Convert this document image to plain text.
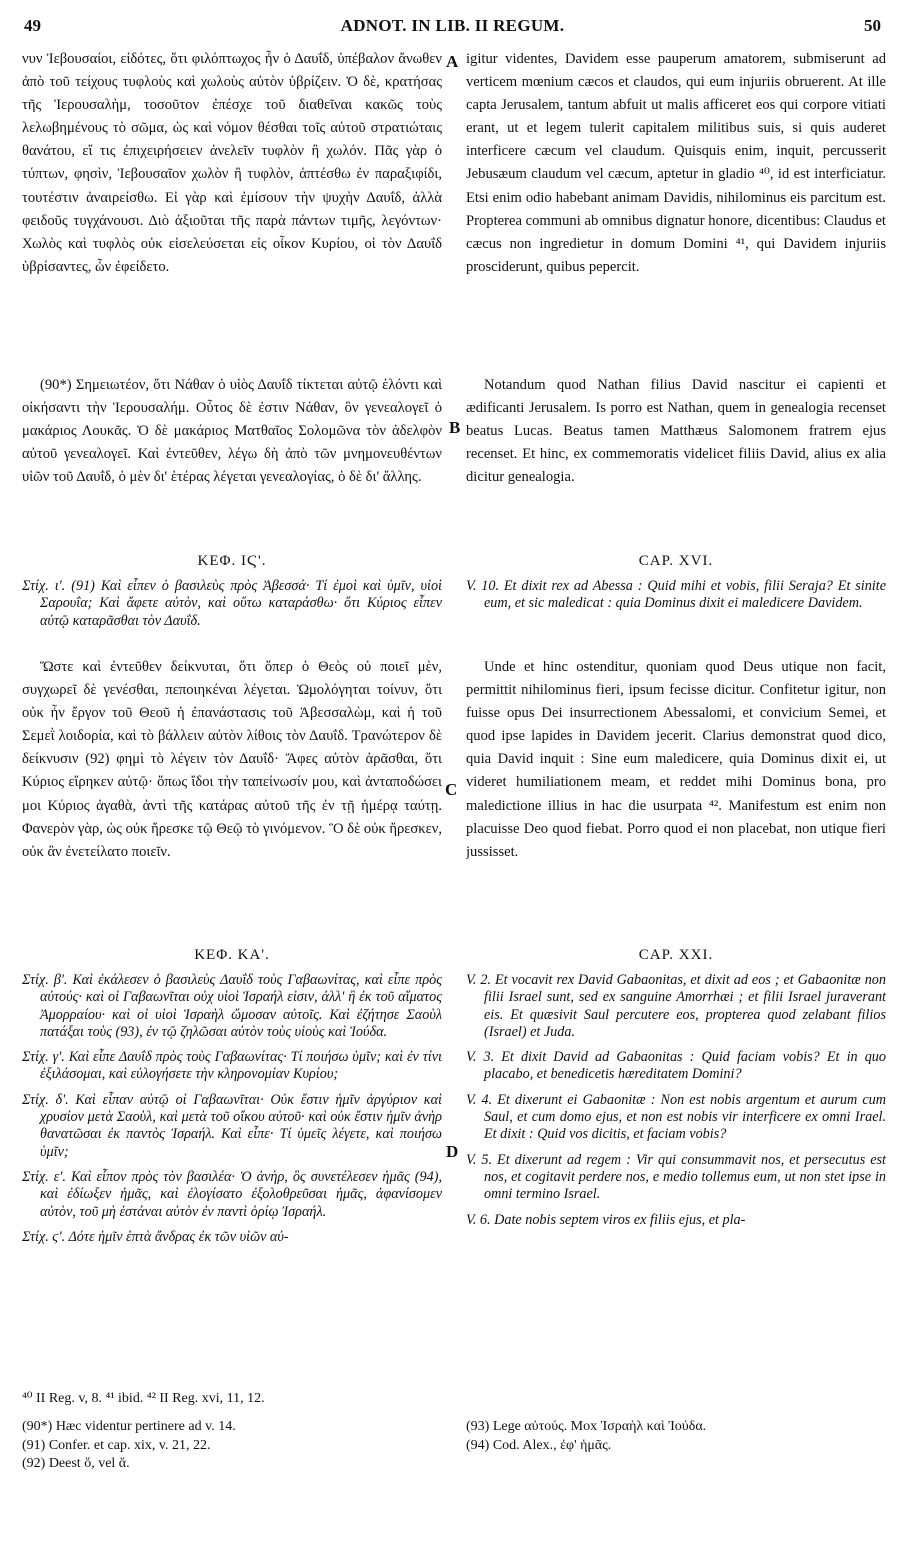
49	ADNOT. IN LIB. II REGUM.	50
A
B
C
D

νυν Ἰεβουσαίοι, εἰδότες, ὅτι φιλόπτωχος ἦν ὁ Δαυΐδ, ὑπέβαλον ἄνωθεν ἀπὸ τοῦ τείχους τυφλοὺς καὶ χωλοὺς αὐτὸν ὑβρίζειν. Ὁ δὲ, κρατήσας τῆς Ἱερουσαλὴμ, τοσοῦτον ἐπέσχε τοῦ διαθεῖναι κακῶς τοὺς λελωβημένους τὸ σῶμα, ὡς καὶ νόμον θέσθαι τοῖς αὐτοῦ στρατιώταις θανάτου, εἴ τις ἐπιχειρήσειεν ἀνελεῖν τυφλὸν ἢ χωλόν. Πᾶς γὰρ ὁ τύπτων, φησὶν, Ἰεβουσαῖον χωλὸν ἢ τυφλὸν, ἁπτέσθω ἐν παραξιφίδι, τουτέστιν ἀναιρείσθω. Εἰ γὰρ καὶ ἐμίσουν τὴν ψυχὴν Δαυΐδ, ἀλλὰ φειδοῦς τυγχάνουσι. Διὸ ἀξιοῦται τῆς παρὰ πάντων τιμῆς, λεγόντων· Χωλὸς καὶ τυφλὸς οὐκ εἰσελεύσεται εἰς οἶκον Κυρίου, οἱ τὸν Δαυΐδ ὑβρίσαντες, ὧν ἐφείδετο.

(90*) Σημειωτέον, ὅτι Νάθαν ὁ υἱὸς Δαυΐδ τίκτεται αὐτῷ ἑλόντι καὶ οἰκήσαντι τὴν Ἱερουσαλήμ. Οὗτος δὲ ἐστιν Νάθαν, ὃν γενεαλογεῖ ὁ μακάριος Λουκᾶς. Ὁ δὲ μακάριος Ματθαῖος Σολομῶνα τὸν ἀδελφὸν αὐτοῦ γενεαλογεῖ. Καὶ ἐντεῦθεν, λέγω δὴ ἀπὸ τῶν μνημονευθέντων υἱῶν τοῦ Δαυΐδ, ὁ μὲν δι' ἑτέρας λέγεται γενεαλογίας, ὁ δὲ δι' ἄλλης.

ΚΕΦ. ΙϚ'.

Στίχ. ι'. (91) Καὶ εἶπεν ὁ βασιλεὺς πρὸς Ἀβεσσά· Τί ἐμοὶ καὶ ὑμῖν, υἱοὶ Σαρουΐα; Καὶ ἄφετε αὐτὸν, καὶ οὕτω καταράσθω· ὅτι Κύριος εἶπεν αὐτῷ καταρᾶσθαι τὸν Δαυΐδ.

Ὥστε καὶ ἐντεῦθεν δείκνυται, ὅτι ὅπερ ὁ Θεὸς οὐ ποιεῖ μὲν, συγχωρεῖ δὲ γενέσθαι, πεποιηκέναι λέγεται. Ὡμολόγηται τοίνυν, ὅτι οὐκ ἦν ἔργον τοῦ Θεοῦ ἡ ἐπανάστασις τοῦ Ἀβεσσαλὼμ, καὶ ἡ τοῦ Σεμεῒ λοιδορία, καὶ τὸ βάλλειν αὐτὸν λίθοις τὸν Δαυΐδ. Τρανώτερον δὲ δείκνυσιν (92) φημὶ τὸ λέγειν τὸν Δαυΐδ· Ἄφες αὐτὸν ἀρᾶσθαι, ὅτι Κύριος εἴρηκεν αὐτῷ· ὅπως ἴδοι τὴν ταπείνωσίν μου, καὶ ἀνταποδώσει μοι Κύριος ἀγαθὰ, ἀντὶ τῆς κατάρας αὐτοῦ τῆς ἐν τῇ ἡμέρᾳ ταύτῃ. Φανερὸν γὰρ, ὡς οὐκ ἤρεσκε τῷ Θεῷ τὸ γινόμενον. Ὃ δὲ οὐκ ἤρεσκεν, οὐκ ἂν ἐνετείλατο ποιεῖν.

ΚΕΦ. ΚΑ'.

Στίχ. β'. Καὶ ἐκάλεσεν ὁ βασιλεὺς Δαυΐδ τοὺς Γαβαωνίτας, καὶ εἶπε πρὸς αὐτούς· καὶ οἱ Γαβαωνῖται οὐχ υἱοὶ Ἰσραήλ εἰσιν, ἀλλ' ἢ ἐκ τοῦ αἵματος Ἀμορραίου· καὶ οἱ υἱοὶ Ἰσραὴλ ὤμοσαν αὐτοῖς. Καὶ ἐζήτησε Σαοὺλ πατάξαι τοὺς (93), ἐν τῷ ζηλῶσαι αὐτὸν τοὺς υἱοὺς καὶ Ἰούδα.

Στίχ. γ'. Καὶ εἶπε Δαυΐδ πρὸς τοὺς Γαβαωνίτας· Τί ποιήσω ὑμῖν; καὶ ἐν τίνι ἐξιλάσομαι, καὶ εὐλογήσετε τὴν κληρονομίαν Κυρίου;

Στίχ. δ'. Καὶ εἶπαν αὐτῷ οἱ Γαβαωνῖται· Οὐκ ἔστιν ἡμῖν ἀργύριον καὶ χρυσίον μετὰ Σαοὺλ, καὶ μετὰ τοῦ οἴκου αὐτοῦ· καὶ οὐκ ἔστιν ἡμῖν ἀνὴρ θανατῶσαι ἐκ παντὸς Ἰσραήλ. Καὶ εἶπε· Τί ὑμεῖς λέγετε, καὶ ποιήσω ὑμῖν;

Στίχ. ε'. Καὶ εἶπον πρὸς τὸν βασιλέα· Ὁ ἀνὴρ, ὃς συνετέλεσεν ἡμᾶς (94), καὶ ἐδίωξεν ἡμᾶς, καὶ ἐλογίσατο ἐξολοθρεῦσαι ἡμᾶς, ἀφανίσομεν αὐτὸν, τοῦ μὴ ἑστάναι αὐτὸν ἐν παντὶ ὁρίῳ Ἰσραήλ.

Στίχ. ϛ'. Δότε ἡμῖν ἑπτὰ ἄνδρας ἐκ τῶν υἱῶν αὐ-

igitur videntes, Davidem esse pauperum amatorem, submiserunt ad verticem mœnium cæcos et claudos, qui eum injuriis obruerent. At ille capta Jerusalem, tantum abfuit ut malis afficeret eos qui corpore vitiati erant, ut et legem tulerit capitalem militibus suis, si quis auderet interficere cæcum vel claudum. Quisquis enim, inquit, percusserit Jebusæum claudum vel cæcum, aptetur in gladio ⁴⁰, id est interficiatur. Etsi enim odio habebant animam Davidis, nihilominus eis parcitum est. Propterea communi ab omnibus dignatur honore, dicentibus: Claudus et cæcus non ingredietur in domum Domini ⁴¹, qui Davidem injuriis prosciderunt, quibus pepercit.

Notandum quod Nathan filius David nascitur ei capienti et ædificanti Jerusalem. Is porro est Nathan, quem in genealogia recenset beatus Lucas. Beatus tamen Matthæus Salomonem fratrem ejus recenset. Et hinc, ex commemoratis videlicet filiis David, alius ex alia dicitur genealogia.

CAP. XVI.

V. 10. Et dixit rex ad Abessa : Quid mihi et vobis, filii Seraja? Et sinite eum, et sic maledicat : quia Dominus dixit ei maledicere Davidem.

Unde et hinc ostenditur, quoniam quod Deus utique non facit, permittit nihilominus fieri, ipsum fecisse dicitur. Confitetur igitur, non fuisse opus Dei insurrectionem Abessalomi, et convicium Semei, et quod ipse lapides in Davidem jecerit. Clarius demonstrat quod dico, quia David inquit : Sine eum maledicere, quia Dominus dixit ei, ut videret humiliationem meam, et reddet mihi Dominus bona, pro maledictione illius in hac die usurpata ⁴². Manifestum est enim non placuisse Deo quod fiebat. Porro quod ei non placebat, non utique fieri jussisset.

CAP. XXI.

V. 2. Et vocavit rex David Gabaonitas, et dixit ad eos ; et Gabaonitæ non filii Israel sunt, sed ex sanguine Amorrhæi ; et filii Israel juraverant eis. Et quæsivit Saul percutere eos, propterea quod zelabant filios (Israel) et Juda.

V. 3. Et dixit David ad Gabaonitas : Quid faciam vobis? Et in quo placabo, et benedicetis hæreditatem Domini?

V. 4. Et dixerunt ei Gabaonitæ : Non est nobis argentum et aurum cum Saul, et cum domo ejus, et non est nobis vir interficere ex omni Irael. Et dixit : Quid vos dicitis, et faciam vobis?

V. 5. Et dixerunt ad regem : Vir qui consummavit nos, et persecutus est nos, et cogitavit perdere nos, e medio tollemus eum, ut non stet ipse in omni termino Israel.

V. 6. Date nobis septem viros ex filiis ejus, et pla-

⁴⁰ II Reg. v, 8. ⁴¹ ibid. ⁴² II Reg. xvi, 11, 12.
(90*) Hæc videntur pertinere ad v. 14.
(91) Confer. et cap. xix, v. 21, 22.
(92) Deest ὅ, vel ἅ.
(93) Lege αὐτούς. Mox Ἰσραὴλ καὶ Ἰούδα.
(94) Cod. Alex., ἐφ' ἡμᾶς.
